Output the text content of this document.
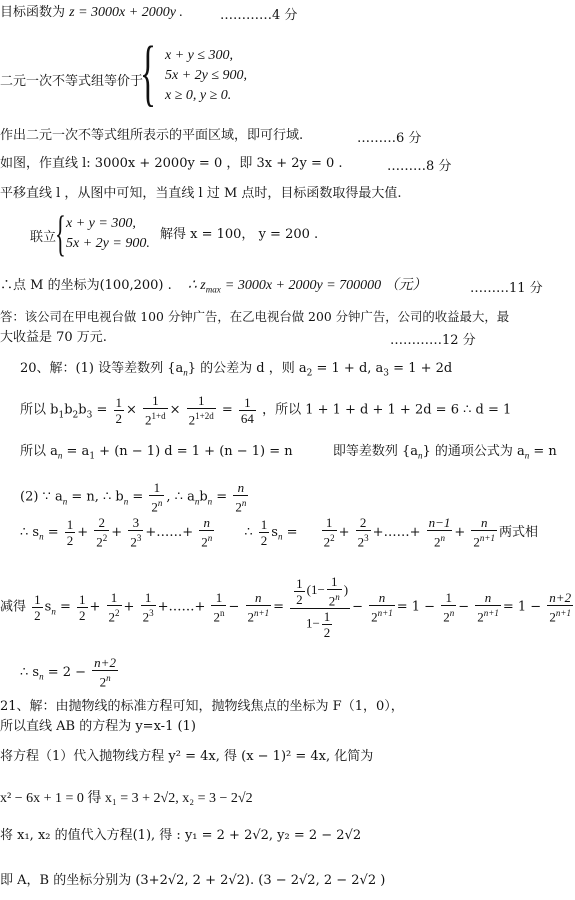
目标函数为 z = 3000x + 2000y .	…………4 分
二元一次不等式组等价于
{ x + y ≤ 300,
5x + 2y ≤ 900,
x ≥ 0, y ≥ 0.
作出二元一次不等式组所表示的平面区域，即可行域.	………6 分
如图，作直线 l: 3000x + 2000y = 0 ，即 3x + 2y = 0 .	………8 分
平移直线 l ，从图中可知，当直线 l 过 M 点时，目标函数取得最大值.
联立
{ x + y = 300,
5x + 2y = 900.
解得 x = 100， y = 200 .
∴点 M 的坐标为(100,200) . ∴ $z_{max} = 3000x + 2000y = 700000$ （元）	………11 分
答：该公司在甲电视台做 100 分钟广告，在乙电视台做 200 分钟广告，公司的收益最大，最
大收益是 70 万元.	…………12 分
20、解：(1) 设等差数列 $\{a_n\}$ 的公差为 d ，则 $a_2 = 1 + d$, $a_3 = 1 + 2d$
所以 $b_1b_2b_3 = \frac{1}{2} \times \frac{1}{2^{1+d}} \times \frac{1}{2^{1+2d}} = \frac{1}{64}$ ，所以 1 + 1 + d + 1 + 2d = 6 ∴ d = 1
所以 $a_n = a_1 + (n - 1) d = 1 + (n - 1) = n$	即等差数列 $\{a_n\}$ 的通项公式为 $a_n = n$
(2) ∵ $a_n = n$, ∴ $b_n = \frac{1}{2^n}$ , ∴ $a_nb_n = \frac{n}{2^n}$
∴ $s_n = \frac{1}{2} + \frac{2}{2^2} + \frac{3}{2^3}$ +……+ $\frac{n}{2^n}$ ∴ $\frac{1}{2} s_n = \frac{1}{2^2} + \frac{2}{2^3}$ +……+ $\frac{n-1}{2^n} + \frac{n}{2^{n+1}}$ 两式相
减得 $\frac{1}{2} s_n = \frac{1}{2} + \frac{1}{2^2} + \frac{1}{2^3}$ +……+ $\frac{1}{2^n} - \frac{n}{2^{n+1}} = \frac{\frac{1}{2} (1- \frac{1}{2^n} )}{1- \frac{1}{2}} - \frac{n}{2^{n+1}} = 1 - \frac{1}{2^n} - \frac{n}{2^{n+1}} = 1 - \frac{n+2}{2^{n+1}}$
∴ $s_n = 2 - \frac{n+2}{2^n}$
21、解：由抛物线的标准方程可知，抛物线焦点的坐标为 F（1，0），
所以直线 AB 的方程为 y=x-1 (1)
将方程（1）代入抛物线方程 y² = 4x, 得 (x − 1)² = 4x, 化简为
x² − 6x + 1 = 0 得 x₁ = 3 + 2√2, x₂ = 3 − 2√2
将 x₁, x₂ 的值代入方程(1), 得 : y₁ = 2 + 2√2, y₂ = 2 − 2√2
即 A，B 的坐标分别为 (3+2√2, 2 + 2√2). (3 − 2√2, 2 − 2√2 )
